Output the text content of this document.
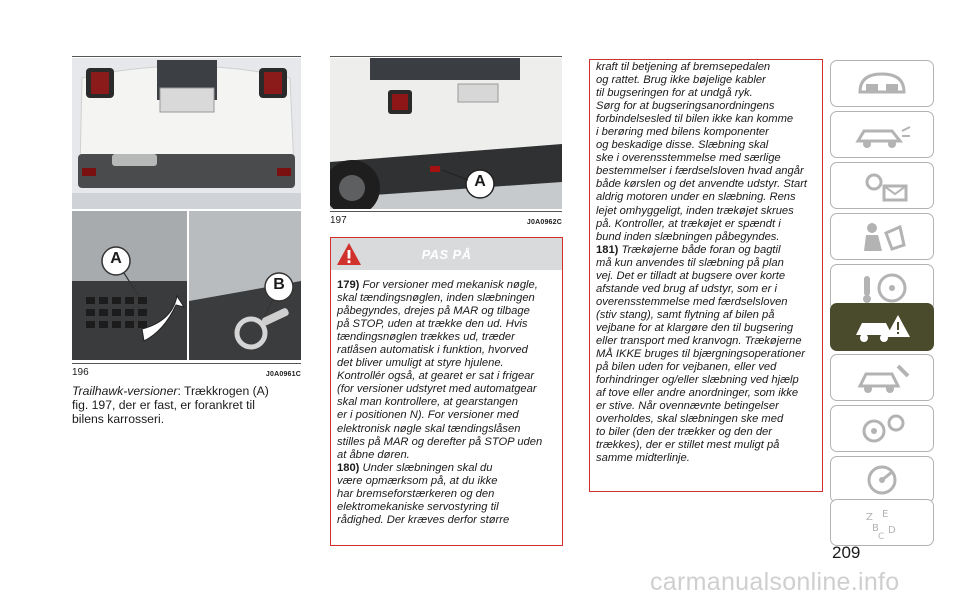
A
B
196	J0A0961C
Trailhawk-versioner: Trækkrogen (A)
fig. 197, der er fast, er forankret til
bilens karrosseri.
A
197	J0A0962C
PAS PÅ
179) For versioner med mekanisk nøgle,
skal tændingsnøglen, inden slæbningen
påbegyndes, drejes på MAR og tilbage
på STOP, uden at trække den ud. Hvis
tændingsnøglen trækkes ud, træder
ratlåsen automatisk i funktion, hvorved
det bliver umuligt at styre hjulene.
Kontrollér også, at gearet er sat i frigear
(for versioner udstyret med automatgear
skal man kontrollere, at gearstangen
er i positionen N). For versioner med
elektronisk nøgle skal tændingslåsen
stilles på MAR og derefter på STOP uden
at åbne døren.
180) Under slæbningen skal du
være opmærksom på, at du ikke
har bremseforstærkeren og den
elektromekaniske servostyring til
rådighed. Der kræves derfor større
kraft til betjening af bremsepedalen
og rattet. Brug ikke bøjelige kabler
til bugseringen for at undgå ryk.
Sørg for at bugseringsanordningens
forbindelsesled til bilen ikke kan komme
i berøring med bilens komponenter
og beskadige disse. Slæbning skal
ske i overensstemmelse med særlige
bestemmelser i færdselsloven hvad angår
både kørslen og det anvendte udstyr. Start
aldrig motoren under en slæbning. Rens
lejet omhyggeligt, inden trækøjet skrues
på. Kontroller, at trækøjet er spændt i
bund inden slæbningen påbegyndes.
181) Trækøjerne både foran og bagtil
må kun anvendes til slæbning på plan
vej. Det er tilladt at bugsere over korte
afstande ved brug af udstyr, som er i
overensstemmelse med færdselsloven
(stiv stang), samt flytning af bilen på
vejbane for at klargøre den til bugsering
eller transport med kranvogn. Trækøjerne
MÅ IKKE bruges til bjærgningsoperationer
på bilen uden for vejbanen, eller ved
forhindringer og/eller slæbning ved hjælp
af tove eller andre anordninger, som ikke
er stive. Når ovennævnte betingelser
overholdes, skal slæbningen ske med
to biler (den der trækker og den der
trækkes), der er stillet mest muligt på
samme midterlinje.
Z E
B D
C
209
carmanualsonline.info
